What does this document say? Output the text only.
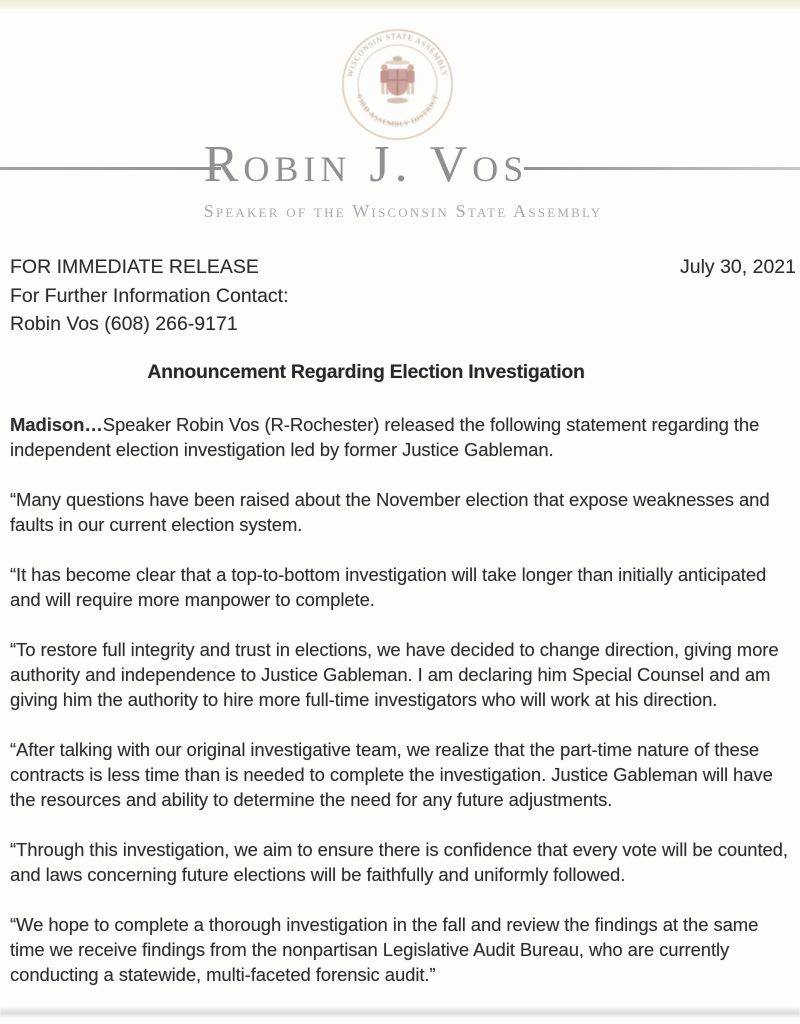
WISCONSIN STATE ASSEMBLY
63RD ASSEMBLY DISTRICT
Robin J. Vos
Speaker of the Wisconsin State Assembly
FOR IMMEDIATE RELEASE
For Further Information Contact:
Robin Vos (608) 266-9171
July 30, 2021
Announcement Regarding Election Investigation

Madison…Speaker Robin Vos (R-Rochester) released the following statement regarding the independent election investigation led by former Justice Gableman.

“Many questions have been raised about the November election that expose weaknesses and faults in our current election system.

“It has become clear that a top-to-bottom investigation will take longer than initially anticipated and will require more manpower to complete.

“To restore full integrity and trust in elections, we have decided to change direction, giving more authority and independence to Justice Gableman. I am declaring him Special Counsel and am giving him the authority to hire more full-time investigators who will work at his direction.

“After talking with our original investigative team, we realize that the part-time nature of these contracts is less time than is needed to complete the investigation. Justice Gableman will have the resources and ability to determine the need for any future adjustments.

“Through this investigation, we aim to ensure there is confidence that every vote will be counted, and laws concerning future elections will be faithfully and uniformly followed.

“We hope to complete a thorough investigation in the fall and review the findings at the same time we receive findings from the nonpartisan Legislative Audit Bureau, who are currently conducting a statewide, multi-faceted forensic audit.”
